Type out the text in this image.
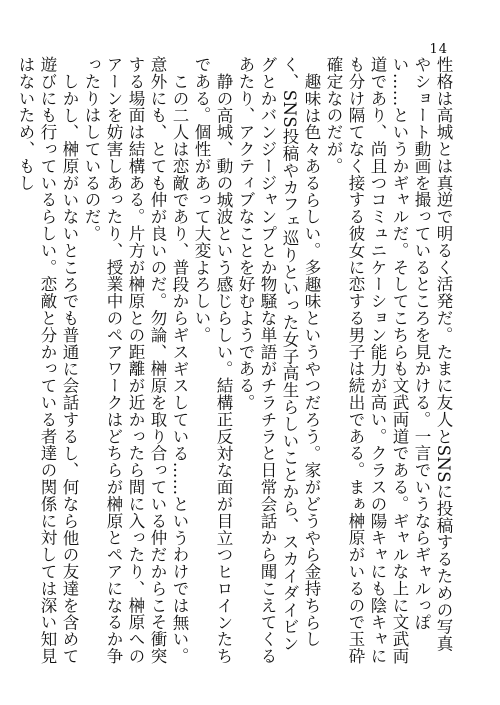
14

性格は高城とは真逆で明るく活発だ。たまに友人とSNSに投稿するための写真やショート動画を撮っているところを見かける。一言でいうならギャルっぽい……というかギャルだ。そしてこちらも文武両道である。ギャルな上に文武両道であり、尚且つコミュニケーション能力が高い。クラスの陽キャにも陰キャにも分け隔てなく接する彼女に恋する男子は続出である。まぁ榊原がいるので玉砕確定なのだが。

趣味は色々あるらしい。多趣味というやつだろう。家がどうやら金持ちらしく、SNS投稿やカフェ巡りといった女子高生らしいことから、スカイダイビングとかバンジージャンプとか物騒な単語がチラチラと日常会話から聞こえてくるあたり、アクティブなことを好むようである。

静の高城、動の城波という感じらしい。結構正反対な面が目立つヒロインたちである。個性があって大変よろしい。

この二人は恋敵であり、普段からギスギスしている……というわけでは無い。意外にも、とても仲が良いのだ。勿論、榊原を取り合っている仲だからこそ衝突する場面は結構ある。片方が榊原との距離が近かったら間に入ったり、榊原へのアーンを妨害しあったり、授業中のペアワークはどちらが榊原とペアになるか争ったりはしているのだ。

しかし、榊原がいないところでも普通に会話するし、何なら他の友達を含めて遊びにも行っているらしい。恋敵と分かっている者達の関係に対しては深い知見はないため、もし
